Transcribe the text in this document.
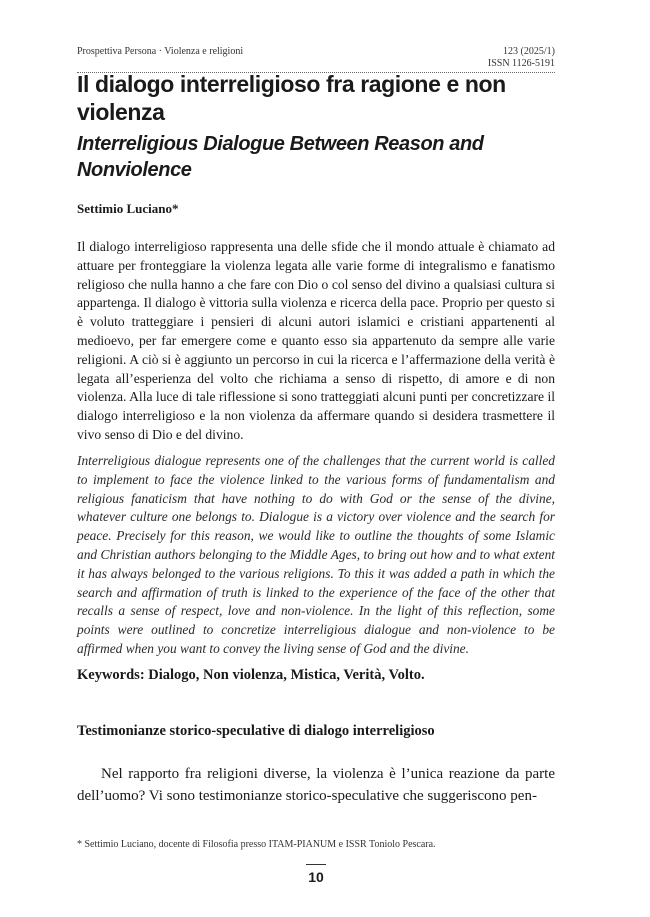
Prospettiva Persona · Violenza e religioni	123 (2025/1)
ISSN 1126-5191
Il dialogo interreligioso fra ragione e non violenza
Interreligious Dialogue Between Reason and Nonviolence
Settimio Luciano*

Il dialogo interreligioso rappresenta una delle sfide che il mondo attuale è chiamato ad attuare per fronteggiare la violenza legata alle varie forme di integralismo e fanatismo religioso che nulla hanno a che fare con Dio o col senso del divino a qualsiasi cultura si appartenga. Il dialogo è vittoria sulla violenza e ricerca della pace. Proprio per questo si è voluto tratteggiare i pensieri di alcuni autori islamici e cristiani appartenenti al medioevo, per far emergere come e quanto esso sia appartenuto da sempre alle varie religioni. A ciò si è aggiunto un percorso in cui la ricerca e l’affermazione della verità è legata all’esperienza del volto che richiama a senso di rispetto, di amore e di non violenza. Alla luce di tale riflessione si sono tratteggiati alcuni punti per concretizzare il dialogo interreligioso e la non violenza da affermare quando si desidera trasmettere il vivo senso di Dio e del divino.

Interreligious dialogue represents one of the challenges that the current world is called to implement to face the violence linked to the various forms of fundamentalism and religious fanaticism that have nothing to do with God or the sense of the divine, whatever culture one belongs to. Dialogue is a victory over violence and the search for peace. Precisely for this reason, we would like to outline the thoughts of some Islamic and Christian authors belonging to the Middle Ages, to bring out how and to what extent it has always belonged to the various religions. To this it was added a path in which the search and affirmation of truth is linked to the experience of the face of the other that recalls a sense of respect, love and non-violence. In the light of this reflection, some points were outlined to concretize interreligious dialogue and non-violence to be affirmed when you want to convey the living sense of God and the divine.

Keywords: Dialogo, Non violenza, Mistica, Verità, Volto.
Testimonianze storico-speculative di dialogo interreligioso

Nel rapporto fra religioni diverse, la violenza è l’unica reazione da parte dell’uomo? Vi sono testimonianze storico-speculative che suggeriscono pen-

* Settimio Luciano, docente di Filosofia presso ITAM-PIANUM e ISSR Toniolo Pescara.
10
